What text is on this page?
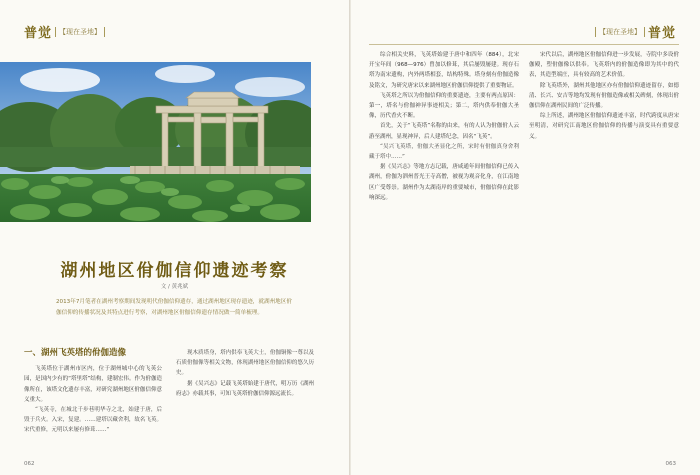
普觉	【现在圣地】
湖州地区佾伽信仰遗迹考察
文 / 黄兆斌
2013年7月笔者在湖州考察期间发现明代佾伽信仰遗存，通过湖州地区现存遗迹，就湖州地区佾伽信仰的传播状况及其特点进行考察，对湖州地区佾伽信仰遗存情况做一简单梳理。
一、湖州飞英塔的佾伽造像

飞英塔位于湖州市区内，位于湖州城中心的飞英公园，是国内少有的“塔里塔”结构，建制宏伟。作为佾伽造像所在，该塔文化遗存丰富，对研究湖州地区佾伽信仰意义重大。

“飞英寺，在城北千步巷明华寺之北，始建于唐，后毁于兵火。入宋，复建。……建塔以藏舍利，故名飞英。宋代重修，元明以来屡有修葺……”

现木质塔身，塔内供奉飞英大士，佾伽铜像一尊以及石质佾伽像等相关文物，体现湖州地区佾伽信仰的悠久历史。

据《吴兴志》记载飞英塔始建于唐代，明万历《湖州府志》亦载其事，可知飞英塔佾伽信仰源远流长。

062
【现在圣地】 普觉

综合相关史料，飞英塔始建于唐中和四年（884），北宋开宝年间（968—976）曾加以修葺，其后屡毁屡建。现存石塔为南宋遗构，内外两塔相套，结构特殊。塔身刻有佾伽造像及铭文，为研究唐宋以来湖州地区佾伽信仰提供了重要物证。

飞英塔之所以为佾伽信仰的重要遗迹，主要有两点原因：第一，塔名与佾伽神异事迹相关；第二，塔内供奉佾伽大圣像，历代香火不断。

首先，关于“飞英塔”名称的由来，有的人认为佾伽佾人云游至湖州，显现神异，后人建塔纪念，因名“飞英”。

“吴兴飞英塔，佾伽大圣显化之所，宋时有佾伽真身舍利藏于塔中……”

据《吴兴志》等地方志记载，唐咸通年间佾伽信仰已传入湖州，佾伽为泗州普光王寺高僧，被视为观音化身，在江南地区广受尊崇。湖州作为太湖南岸的重要城市，佾伽信仰在此影响深远。

宋代以后，湖州地区佾伽信仰进一步发展，寺院中多设佾伽殿，塑佾伽像以供奉。飞英塔内的佾伽造像即为其中的代表，其造型端庄，具有较高的艺术价值。

除飞英塔外，湖州其他地区亦有佾伽信仰遗迹留存，如德清、长兴、安吉等地均发现有佾伽造像或相关碑刻，体现出佾伽信仰在湖州民间的广泛传播。

综上所述，湖州地区佾伽信仰遗迹丰富，时代跨度从唐宋至明清，对研究江南地区佾伽信仰的传播与演变具有重要意义。

063
